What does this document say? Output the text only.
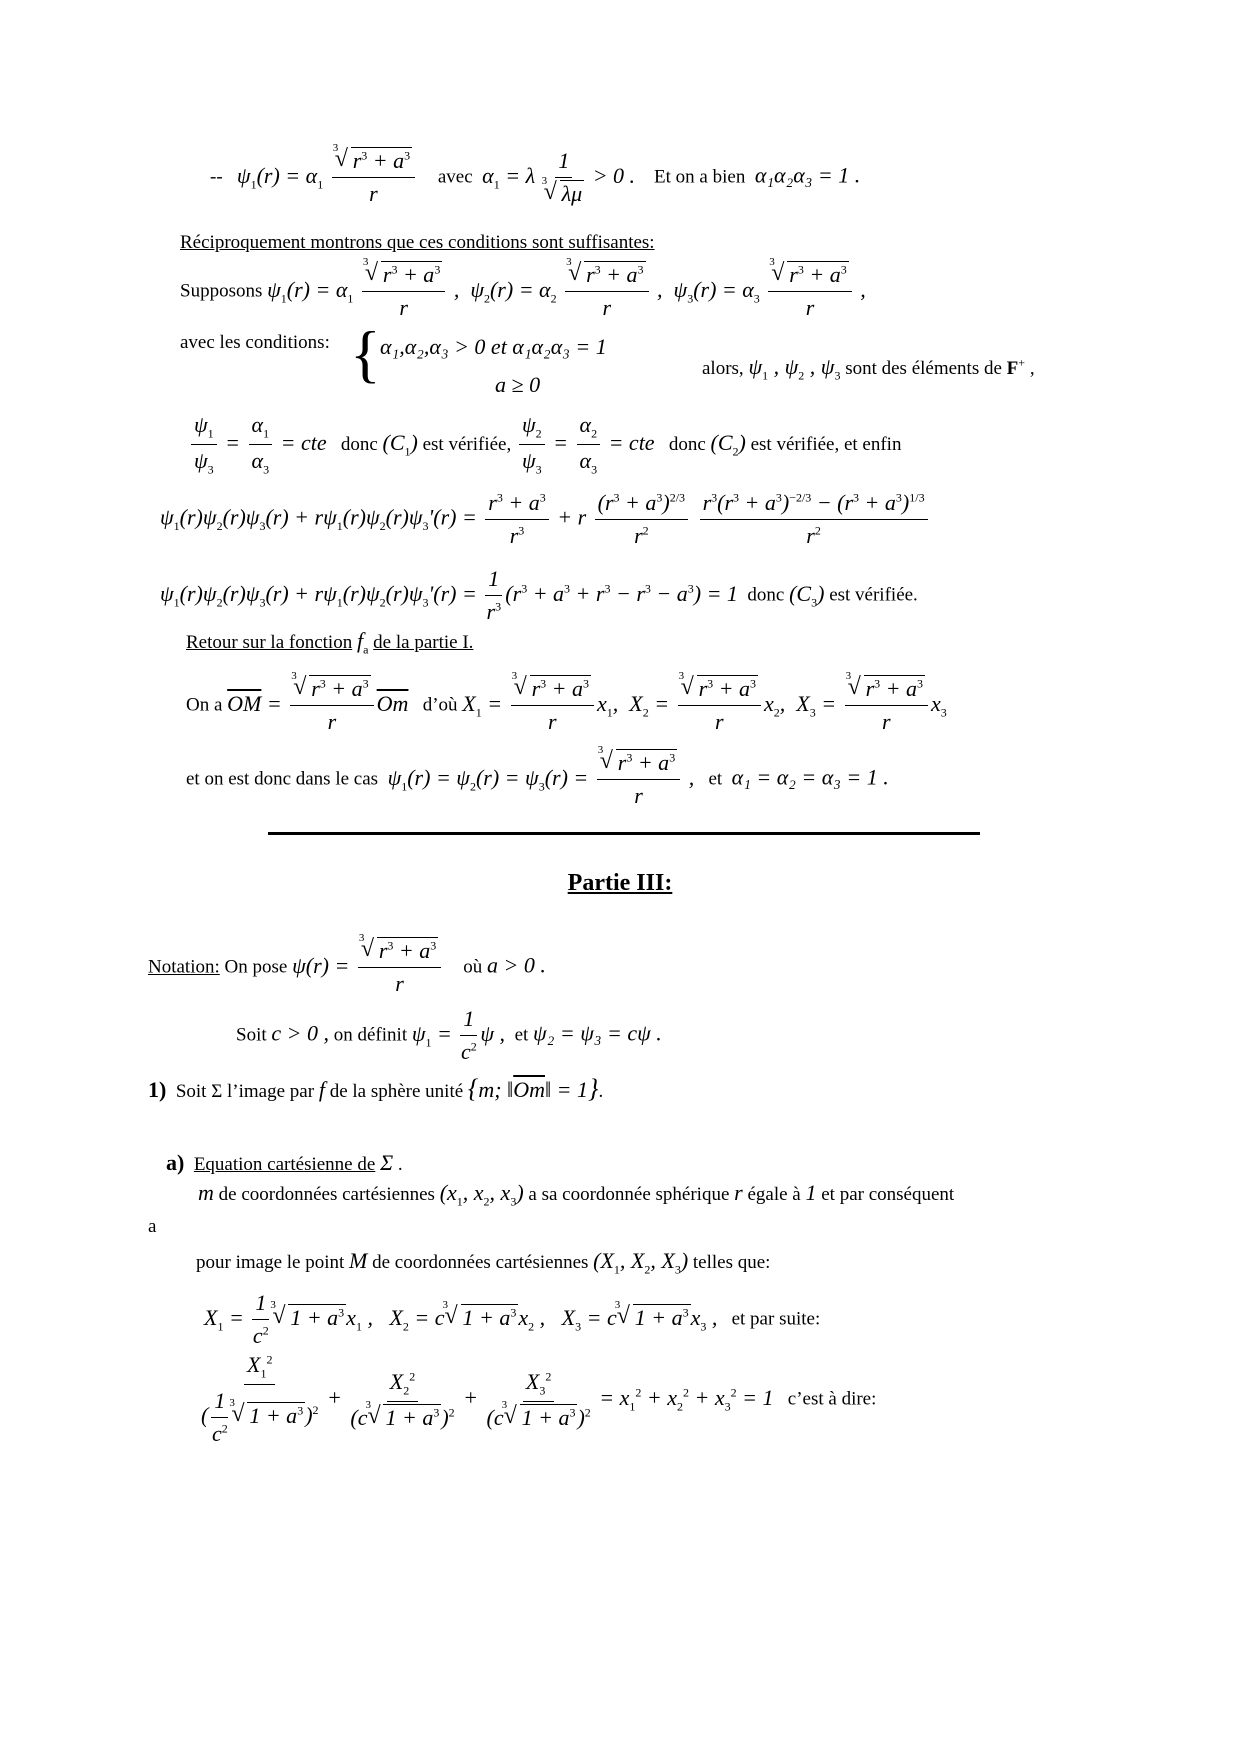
-- $\psi_1(r) = \alpha_1$ √ $\frac{3 r^3 + a^3}{r}$ avec $\alpha_1 = \lambda$ 1
√ 3 λμ > 0 . Et on a bien α₁α₂α₃ = 1 .
Réciproquement montrons que ces conditions sont suffisantes:
Supposons $\psi_1(r) = \alpha_1$ √ $\frac{3 r^3 + a^3}{r}$ ,  $\psi_2(r) = \alpha_2$ √ $\frac{3 r^3 + a^3}{r}$ ,  $\psi_3(r) = \alpha_3$ √ $\frac{3 r^3 + a^3}{r}$ ,
avec les conditions: { α₁,α₂,α₃ > 0 et α₁α₂α₃ = 1
a ≥ 0
alors, $\psi_1$ , $\psi_2$ , $\psi_3$ sont des éléments de F+ ,
$\frac{\psi_1}{\psi_3} = \frac{\alpha_1}{\alpha_3}$ = cte donc $(C_1)$ est vérifiée, $\frac{\psi_2}{\psi_3} = \frac{\alpha_2}{\alpha_3}$ = cte donc $(C_2)$ est vérifiée, et enfin
$\psi_1(r)\psi_2(r)\psi_3(r) + r\psi_1(r)\psi_2(r)\psi_3'(r) = \frac{r^3 + a^3}{r^3} + r \frac{(r^3 + a^3)^{2/3}}{r^2}$
$\frac{r^3(r^3 + a^3)^{-2/3} - (r^3 + a^3)^{1/3}}{r^2}$
$\psi_1(r)\psi_2(r)\psi_3(r) + r\psi_1(r)\psi_2(r)\psi_3'(r) = \frac{1}{r^3} (r^3 + a^3 + r^3 - r^3 - a^3) = 1$ donc $(C_3)$ est vérifiée.
Retour sur la fonction $f_a$ de la partie I.
On a $\overline{OM}$ = √ $\frac{3 r^3 + a^3}{r} \overline{Om}$ d’où $X_1$ = √ $\frac{3 r^3 + a^3}{r} x_1$,  $X_2$ = √ $\frac{3 r^3 + a^3}{r} x_2$,  $X_3$ = √ $\frac{3 r^3 + a^3}{r} x_3$
et on est donc dans le cas $\psi_1(r) = \psi_2(r) = \psi_3(r)$ = √ $\frac{3 r^3 + a^3}{r}$ , et α₁ = α₂ = α₃ = 1 .
Partie III:
Notation: On pose ψ(r) = √ $\frac{3 r^3 + a^3}{r}$ où a > 0 .
Soit c > 0 , on définit $\psi_1 = \frac{1}{c^2}$ ψ , et ψ₂ = ψ₃ = cψ .
1) Soit Σ l’image par f de la sphère unité {m; $‖\overline{Om}‖ = 1$}.
a) Equation cartésienne de Σ .
m de coordonnées cartésiennes ($x_1$, $x_2$, $x_3$) a sa coordonnée sphérique r égale à 1 et par conséquent
a
pour image le point M de coordonnées cartésiennes ($X_1$, $X_2$, $X_3$) telles que:
$X_1 = \frac{1}{c^2}$ √ 3 $1 + a^3x_1$ ,   $X_2 = c$
√ 3 $1 + a^3x_2$ ,   $X_3 = c$
√ 3 $1 + a^3x_3$ , et par suite:
$\frac{X_1^2}{( \frac{1}{c^2} √ 3 1 + a^3)^2} + X_2^2$
(c
√ 3 $1 + a^3)^2 + X_3^2$
(c
√ 3 $1 + a^3)^2 = x_1^2 + x_2^2 + x_3^2 = 1$ c’est à dire:
